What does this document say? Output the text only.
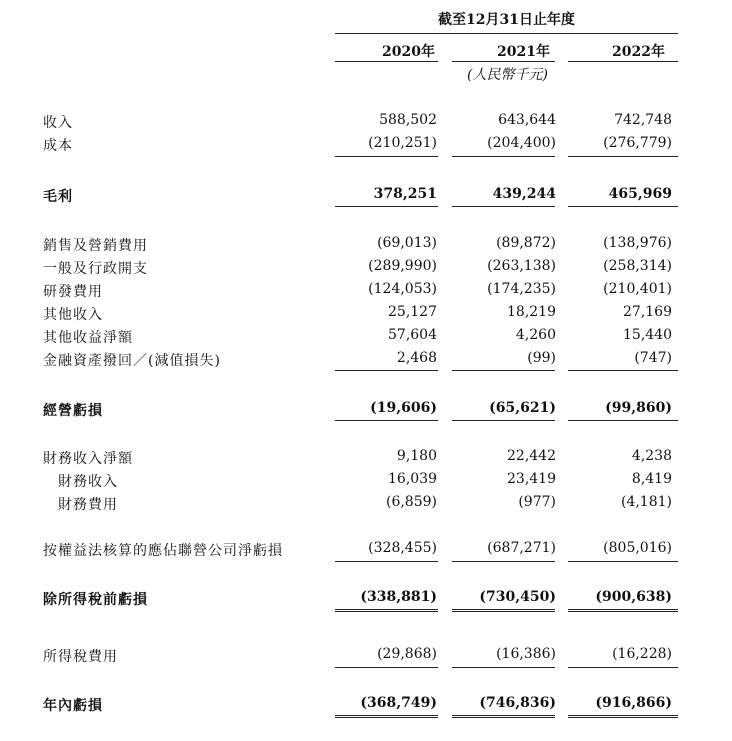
截至12月31日止年度
2020年	2021年	2022年
(人民幣千元)
收入	588,502	643,644	742,748
成本	(210,251)	(204,400)	(276,779)
毛利	378,251	439,244	465,969
銷售及營銷費用	(69,013)	(89,872)	(138,976)
一般及行政開支	(289,990)	(263,138)	(258,314)
研發費用	(124,053)	(174,235)	(210,401)
其他收入	25,127	18,219	27,169
其他收益淨額	57,604	4,260	15,440
金融資產撥回／(減值損失)	2,468	(99)	(747)
經營虧損	(19,606)	(65,621)	(99,860)
財務收入淨額	9,180	22,442	4,238
財務收入	16,039	23,419	8,419
財務費用	(6,859)	(977)	(4,181)
按權益法核算的應佔聯營公司淨虧損	(328,455)	(687,271)	(805,016)
除所得稅前虧損	(338,881)	(730,450)	(900,638)
所得稅費用	(29,868)	(16,386)	(16,228)
年內虧損	(368,749)	(746,836)	(916,866)
